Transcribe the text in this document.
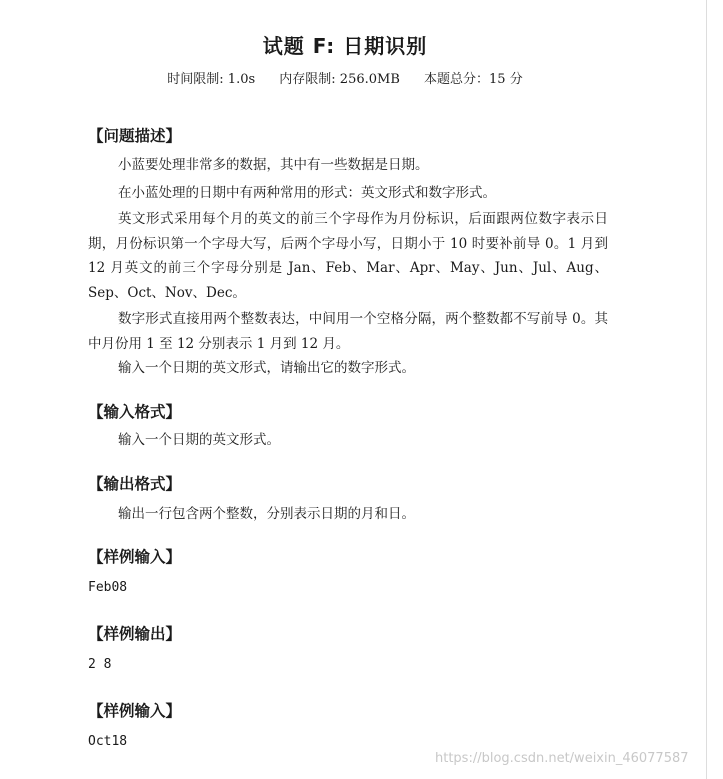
试题 F: 日期识别
时间限制: 1.0s 内存限制: 256.0MB 本题总分：15 分
【问题描述】
小蓝要处理非常多的数据，其中有一些数据是日期。
在小蓝处理的日期中有两种常用的形式：英文形式和数字形式。
英文形式采用每个月的英文的前三个字母作为月份标识，后面跟两位数字表示日期，月份标识第一个字母大写，后两个字母小写，日期小于 10 时要补前导 0。1 月到 12 月英文的前三个字母分别是 Jan、Feb、Mar、Apr、May、Jun、Jul、Aug、Sep、Oct、Nov、Dec。
数字形式直接用两个整数表达，中间用一个空格分隔，两个整数都不写前导 0。其中月份用 1 至 12 分别表示 1 月到 12 月。
输入一个日期的英文形式，请输出它的数字形式。
【输入格式】
输入一个日期的英文形式。
【输出格式】
输出一行包含两个整数，分别表示日期的月和日。
【样例输入】
Feb08
【样例输出】
2 8
【样例输入】
Oct18
https://blog.csdn.net/weixin_46077587
